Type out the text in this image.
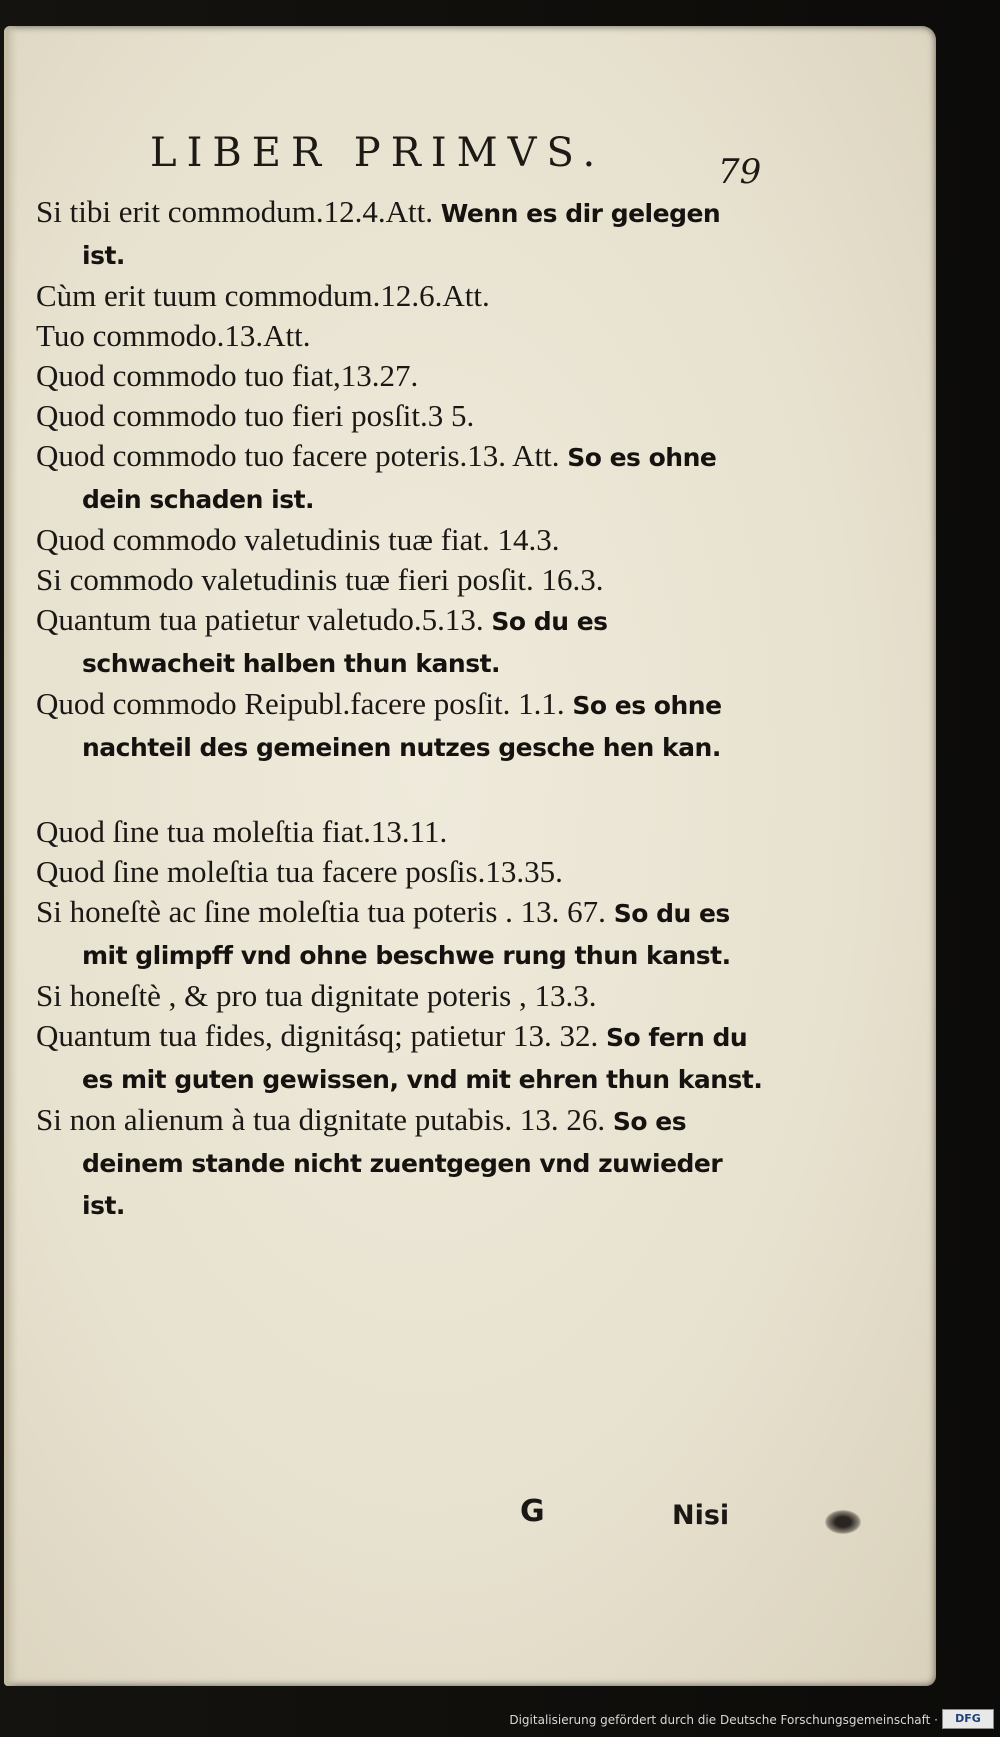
LIBER PRIMVS.	79

Si tibi erit commodum.12.4.Att. Wenn es dir gelegen ist.

Cùm erit tuum commodum.12.6.Att.

Tuo commodo.13.Att.

Quod commodo tuo fiat,13.27.

Quod commodo tuo fieri posſit.3 5.

Quod commodo tuo facere poteris.13. Att. So es ohne dein schaden ist.

Quod commodo valetudinis tuæ fiat. 14.3.

Si commodo valetudinis tuæ fieri posſit. 16.3.

Quantum tua patietur valetudo.5.13. So du es schwacheit halben thun kanst.

Quod commodo Reipubl.facere posſit. 1.1. So es ohne nachteil des gemeinen nutzes gesche hen kan.

Quod ſine tua moleſtia fiat.13.11.

Quod ſine moleſtia tua facere posſis.13.35.

Si honeſtè ac ſine moleſtia tua poteris . 13. 67. So du es mit glimpff vnd ohne beschwe rung thun kanst.

Si honeſtè , & pro tua dignitate poteris , 13.3.

Quantum tua fides, dignitásq; patietur 13. 32. So fern du es mit guten gewissen, vnd mit ehren thun kanst.

Si non alienum à tua dignitate putabis. 13. 26. So es deinem stande nicht zuentgegen vnd zuwieder ist.

G	Nisi
Digitalisierung gefördert durch die Deutsche Forschungsgemeinschaft ·	DFG
